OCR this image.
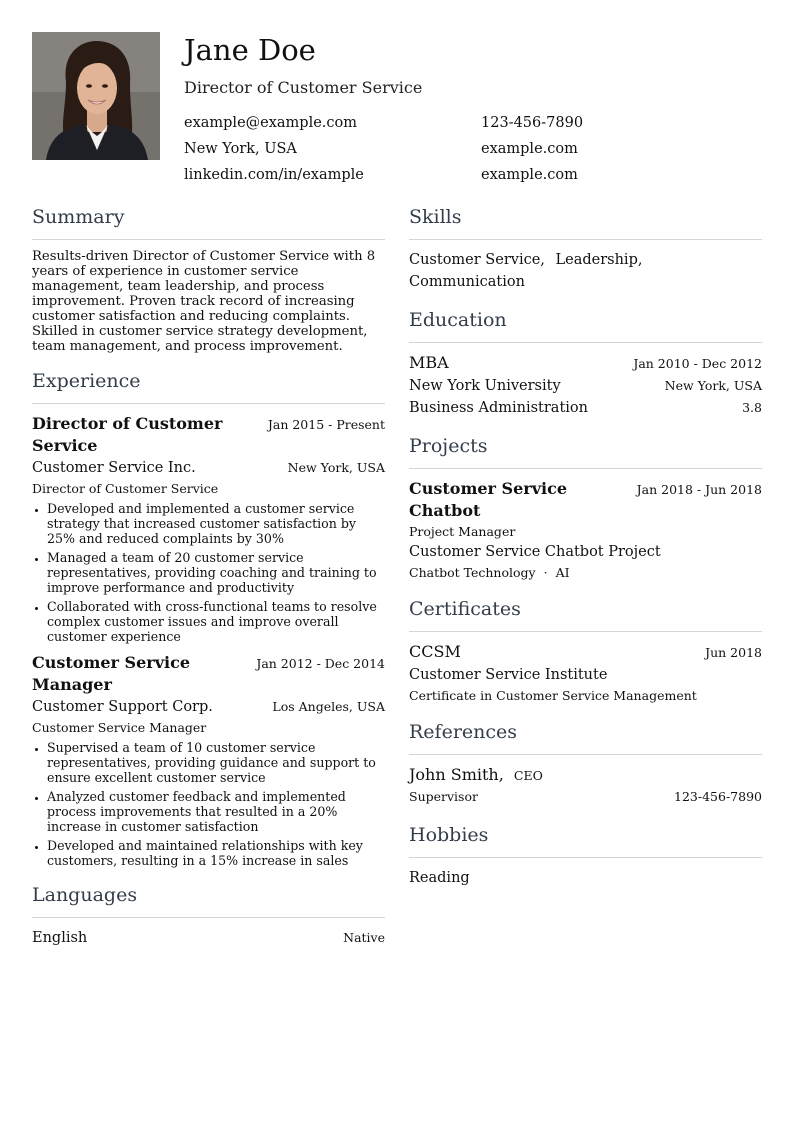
Jane Doe
Director of Customer Service
example@example.com	123-456-7890
New York, USA	example.com
linkedin.com/in/example	example.com
Summary
Results-driven Director of Customer Service with 8 years of experience in customer service management, team leadership, and process improvement. Proven track record of increasing customer satisfaction and reducing complaints. Skilled in customer service strategy development, team management, and process improvement.
Experience
Director of Customer Service
Jan 2015 - Present
Customer Service Inc.	New York, USA
Director of Customer Service
• Developed and implemented a customer service strategy that increased customer satisfaction by 25% and reduced complaints by 30%
• Managed a team of 20 customer service representatives, providing coaching and training to improve performance and productivity
• Collaborated with cross-functional teams to resolve complex customer issues and improve overall customer experience
Customer Service Manager
Jan 2012 - Dec 2014
Customer Support Corp.	Los Angeles, USA
Customer Service Manager
• Supervised a team of 10 customer service representatives, providing guidance and support to ensure excellent customer service
• Analyzed customer feedback and implemented process improvements that resulted in a 20% increase in customer satisfaction
• Developed and maintained relationships with key customers, resulting in a 15% increase in sales
Languages
English	Native
Skills
Customer Service, Leadership, Communication
Education
MBA	Jan 2010 - Dec 2012
New York University	New York, USA
Business Administration	3.8
Projects
Customer Service Chatbot
Jan 2018 - Jun 2018
Project Manager
Customer Service Chatbot Project
Chatbot Technology · AI
Certificates
CCSM	Jun 2018
Customer Service Institute
Certificate in Customer Service Management
References
John Smith, CEO
Supervisor	123-456-7890
Hobbies
Reading
